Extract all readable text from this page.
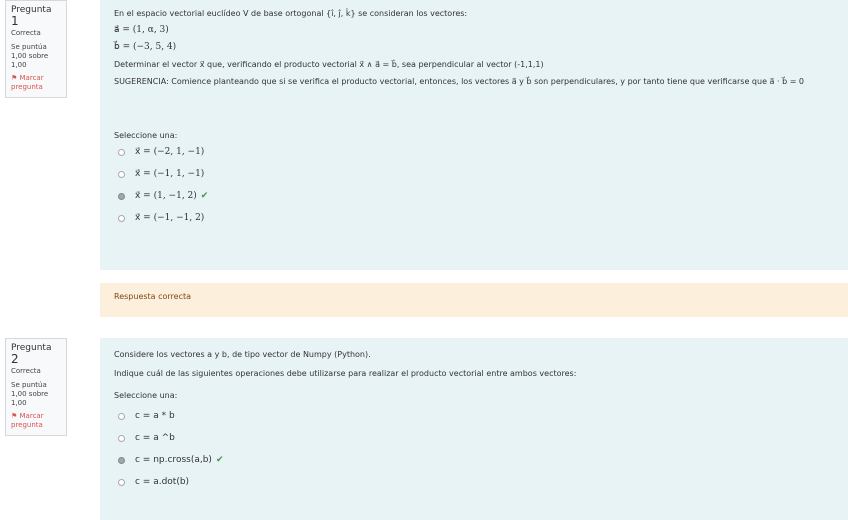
Pregunta 1
Correcta
Se puntúa 1,00 sobre 1,00
⚑ Marcar pregunta
En el espacio vectorial euclídeo V de base ortogonal {î, ĵ, k̂} se consideran los vectores:
a⃗ = (1, α, 3)
b⃗ = (−3, 5, 4)
Determinar el vector x⃗ que, verificando el producto vectorial x⃗ ∧ a⃗ = b⃗, sea perpendicular al vector (-1,1,1)
SUGERENCIA: Comience planteando que si se verifica el producto vectorial, entonces, los vectores a⃗ y b⃗ son perpendiculares, y por tanto tiene que verificarse que a⃗ · b⃗ = 0
Seleccione una:
x⃗ = (−2, 1, −1)
x⃗ = (−1, 1, −1)
x⃗ = (1, −1, 2) ✔
x⃗ = (−1, −1, 2)
Respuesta correcta
Pregunta 2
Correcta
Se puntúa 1,00 sobre 1,00
⚑ Marcar pregunta
Considere los vectores a y b, de tipo vector de Numpy (Python).
Indique cuál de las siguientes operaciones debe utilizarse para realizar el producto vectorial entre ambos vectores:
Seleccione una:
c = a * b
c = a ^b
c = np.cross(a,b) ✔
c = a.dot(b)
